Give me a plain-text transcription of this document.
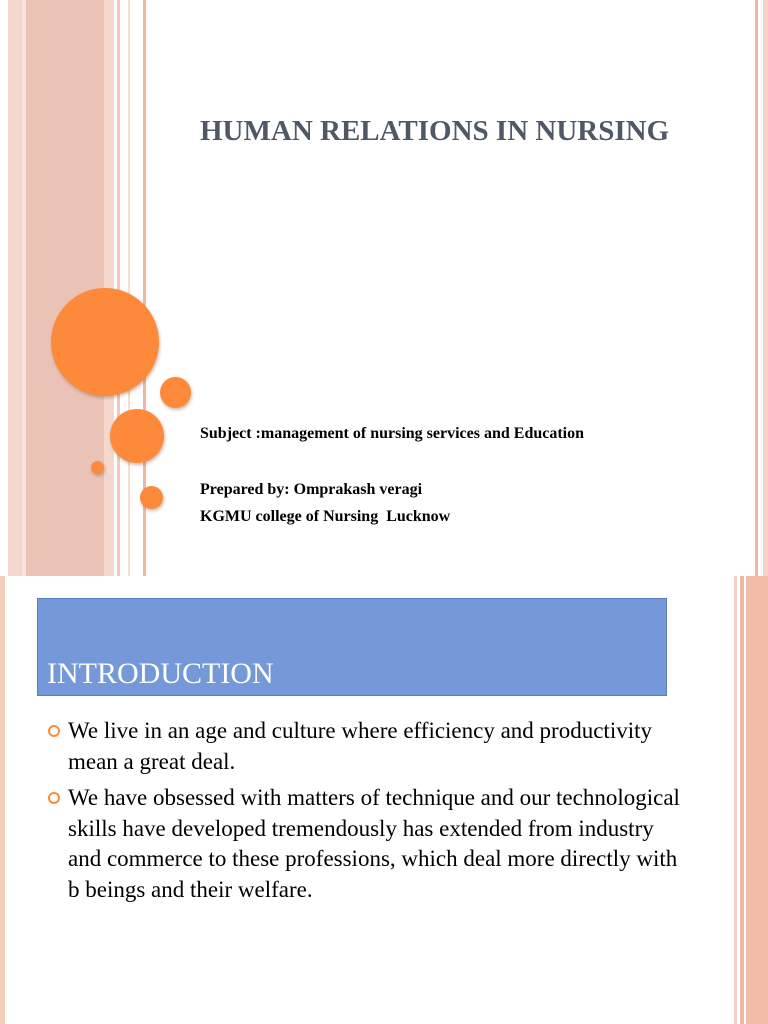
HUMAN RELATIONS IN NURSING
Subject :management of nursing services and Education
Prepared by: Omprakash veragi
KGMU college of Nursing  Lucknow
INTRODUCTION
We live in an age and culture where efficiency and productivity mean a great deal.
We have obsessed with matters of technique and our technological skills have developed tremendously has extended from industry and commerce to these professions, which deal more directly with b beings and their welfare.
